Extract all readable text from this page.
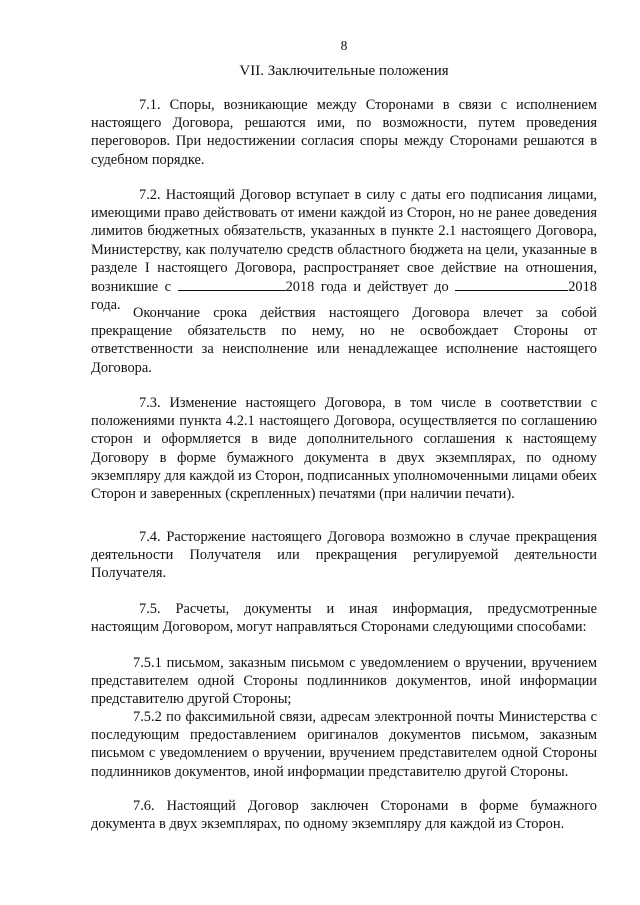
8
VII. Заключительные положения

7.1. Споры, возникающие между Сторонами в связи с исполнением настоящего Договора, решаются ими, по возможности, путем проведения переговоров. При недостижении согласия споры между Сторонами решаются в судебном порядке.

7.2. Настоящий Договор вступает в силу с даты его подписания лицами, имеющими право действовать от имени каждой из Сторон, но не ранее доведения лимитов бюджетных обязательств, указанных в пункте 2.1 настоящего Договора, Министерству, как получателю средств областного бюджета на цели, указанные в разделе I настоящего Договора, распространяет свое действие на отношения, возникшие с	2018 года и действует до	2018 года. Окончание срока действия настоящего Договора влечет за собой прекращение обязательств по нему, но не освобождает Стороны от ответственности за неисполнение или ненадлежащее исполнение настоящего Договора.

7.3. Изменение настоящего Договора, в том числе в соответствии с положениями пункта 4.2.1 настоящего Договора, осуществляется по соглашению сторон и оформляется в виде дополнительного соглашения к настоящему Договору в форме бумажного документа в двух экземплярах, по одному экземпляру для каждой из Сторон, подписанных уполномоченными лицами обеих Сторон и заверенных (скрепленных) печатями (при наличии печати).

7.4. Расторжение настоящего Договора возможно в случае прекращения деятельности Получателя или прекращения регулируемой деятельности Получателя.

7.5. Расчеты, документы и иная информация, предусмотренные настоящим Договором, могут направляться Сторонами следующими способами:

7.5.1 письмом, заказным письмом с уведомлением о вручении, вручением представителем одной Стороны подлинников документов, иной информации представителю другой Стороны;

7.5.2 по факсимильной связи, адресам электронной почты Министерства с последующим предоставлением оригиналов документов письмом, заказным письмом с уведомлением о вручении, вручением представителем одной Стороны подлинников документов, иной информации представителю другой Стороны.

7.6. Настоящий Договор заключен Сторонами в форме бумажного документа в двух экземплярах, по одному экземпляру для каждой из Сторон.
